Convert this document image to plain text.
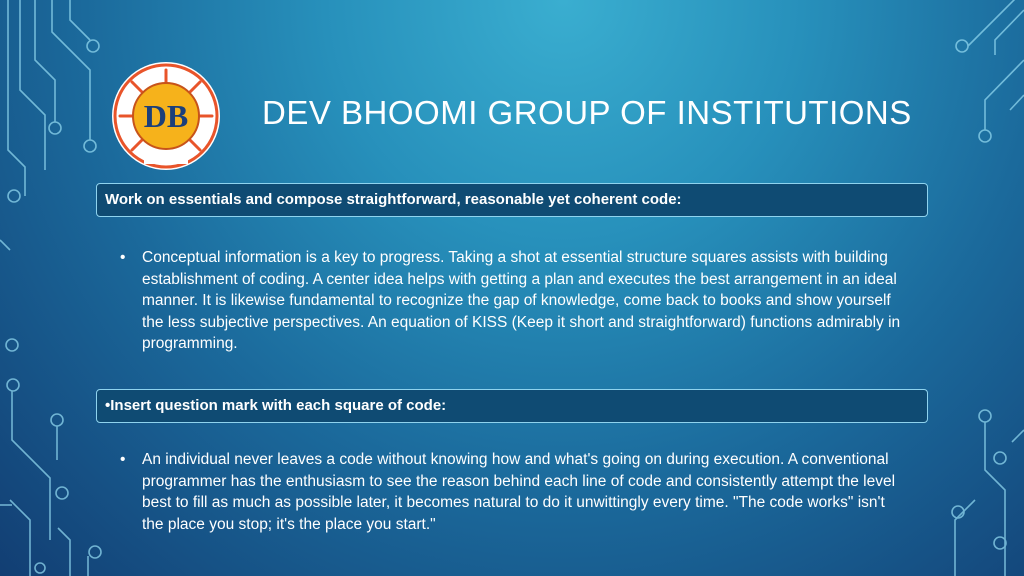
DB DEV BHOOMI GROUP OF INSTITUTIONS
Work on essentials and compose straightforward, reasonable yet coherent code:
• Conceptual information is a key to progress. Taking a shot at essential structure squares assists with building establishment of coding. A center idea helps with getting a plan and executes the best arrangement in an ideal manner. It is likewise fundamental to recognize the gap of knowledge, come back to books and show yourself the less subjective perspectives. An equation of KISS (Keep it short and straightforward) functions admirably in programming.
•Insert question mark with each square of code:
• An individual never leaves a code without knowing how and what's going on during execution. A conventional programmer has the enthusiasm to see the reason behind each line of code and consistently attempt the level best to fill as much as possible later, it becomes natural to do it unwittingly every time. "The code works" isn't the place you stop; it's the place you start."
